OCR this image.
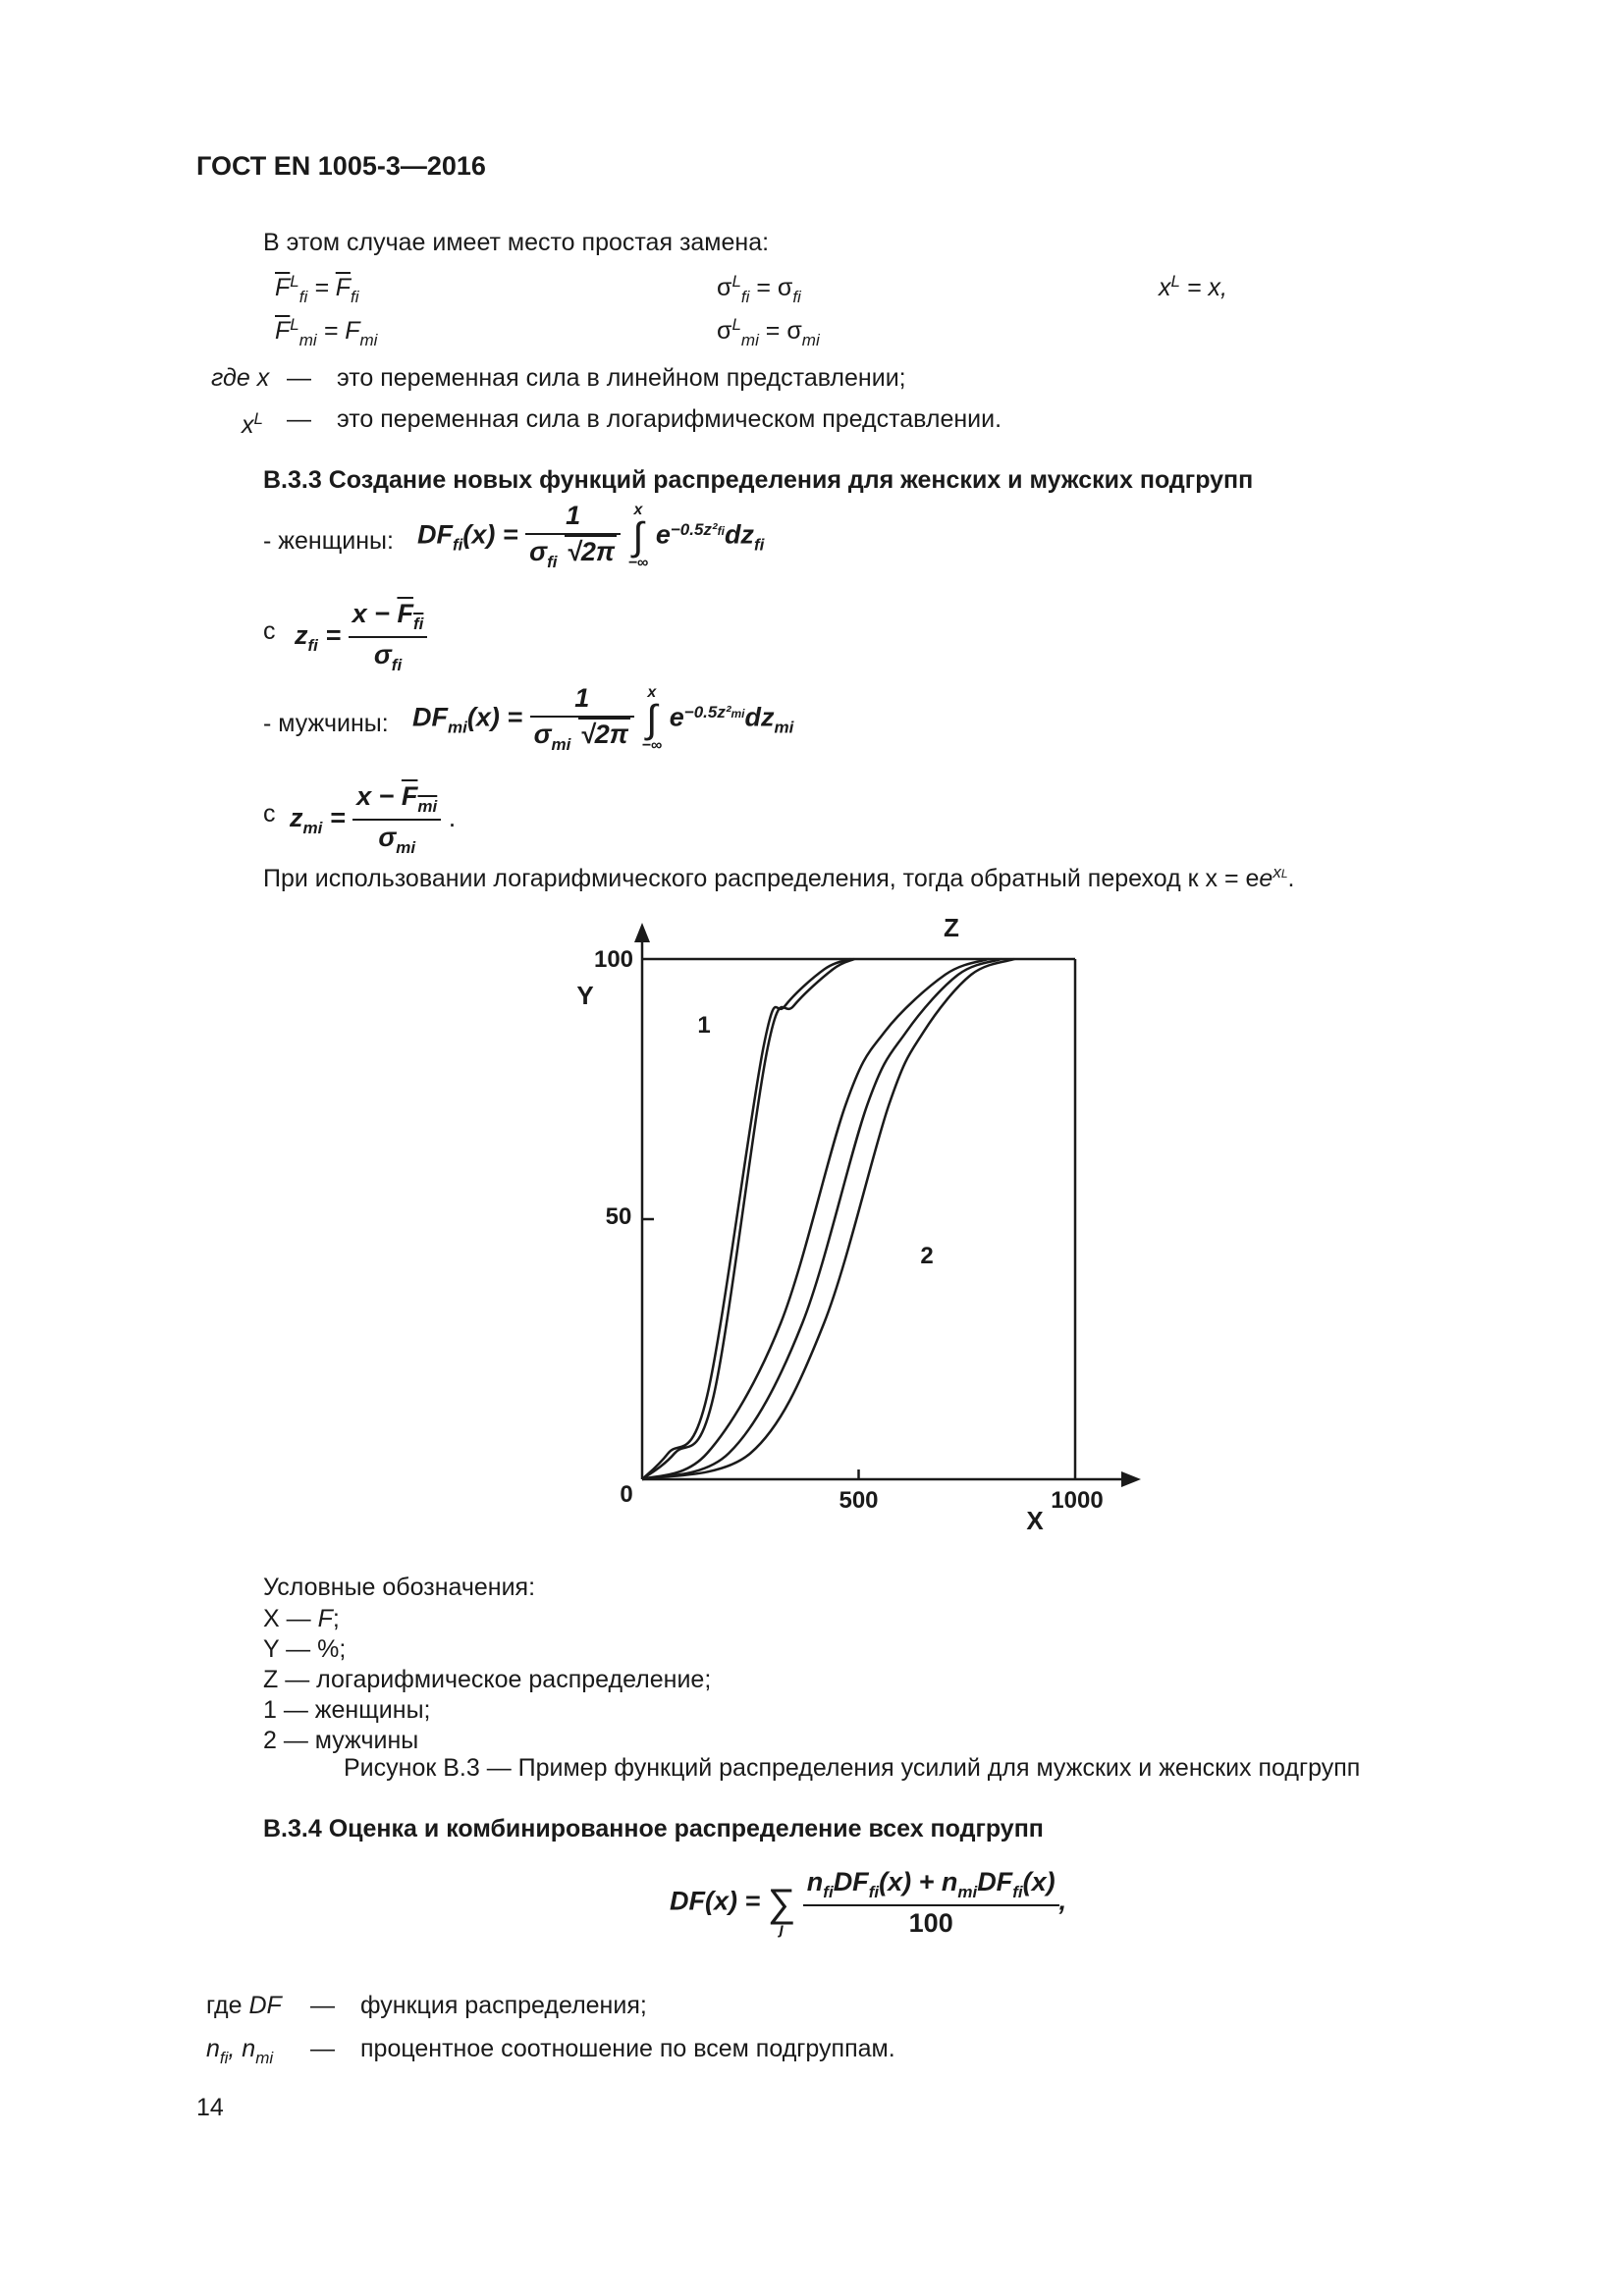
ГОСТ EN 1005-3—2016
В этом случае имеет место простая замена:
$\overline{F}^L_{fi} = \overline{F}_{fi}$
$\overline{F}^L_{mi} = F_{mi}$
$\sigma^L_{fi} = \sigma_{fi}$
$\sigma^L_{mi} = \sigma_{mi}$
$x^L = x$,
где x — это переменная сила в линейном представлении;
$x^L$ — это переменная сила в логарифмическом представлении.
B.3.3 Создание новых функций распределения для женских и мужских подгрупп
- женщины: $DF_{fi}(x) = \frac{1}{\sigma_{fi} √2\pi}$ x
∫
−∞ $e^{-0.5z^2fi}dz_{fi}$
с $z_{fi} = \frac{x - F_{fi}}{\sigma_{fi}}$
- мужчины: $DF_{mi}(x) = \frac{1}{\sigma_{mi} √2\pi}$ x
∫
−∞ $e^{-0.5z^2mi}dz_{mi}$
с $z_{mi} = \frac{x - F_{mi}}{\sigma_{mi}}$ .
При использовании логарифмического распределения, тогда обратный переход к $x = ee^{xL}$.
100
50
0	500	1000
Y
X
Z
1
2
Условные обозначения:
X — F;
Y — %;
Z — логарифмическое распределение;
1 — женщины;
2 — мужчины
Рисунок В.3 — Пример функций распределения усилий для мужских и женских подгрупп
B.3.4 Оценка и комбинированное распределение всех подгрупп
DF(x) = ∑
j $\frac{n_{fi}DF_{fi}(x) + n_{mi}DF_{fi}(x)}{100}$ ,
где DF — функция распределения;
$n_{fi}$, $n_{mi}$ — процентное соотношение по всем подгруппам.
14
